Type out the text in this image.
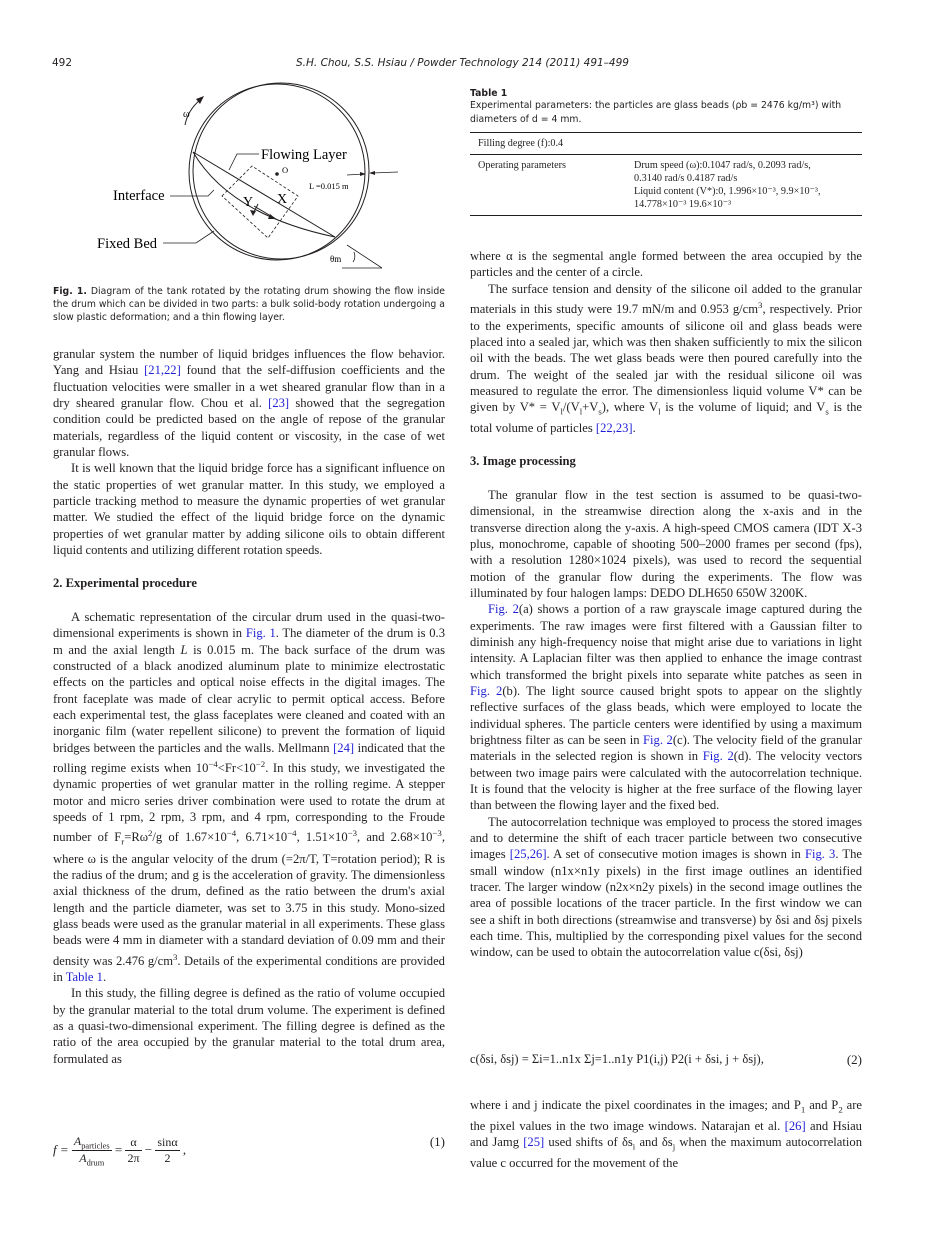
492	S.H. Chou, S.S. Hsiau / Powder Technology 214 (2011) 491–499
ω
Flowing Layer
O
L =0.015 m
Interface	Y X
Fixed Bed
θm
Fig. 1. Diagram of the tank rotated by the rotating drum showing the flow inside the drum which can be divided in two parts: a bulk solid-body rotation undergoing a slow plastic deformation; and a thin flowing layer.

granular system the number of liquid bridges influences the flow behavior. Yang and Hsiau [21,22] found that the self-diffusion coefficients and the fluctuation velocities were smaller in a wet sheared granular flow than in a dry sheared granular flow. Chou et al. [23] showed that the segregation condition could be predicted based on the angle of repose of the granular materials, regardless of the liquid content or viscosity, in the case of wet granular flows.

It is well known that the liquid bridge force has a significant influence on the static properties of wet granular matter. In this study, we employed a particle tracking method to measure the dynamic properties of wet granular matter. We studied the effect of the liquid bridge force on the dynamic properties of wet granular matter by adding silicone oils to obtain different liquid contents and utilizing different rotation speeds.

2. Experimental procedure

A schematic representation of the circular drum used in the quasi-two-dimensional experiments is shown in Fig. 1. The diameter of the drum is 0.3 m and the axial length L is 0.015 m. The back surface of the drum was constructed of a black anodized aluminum plate to minimize electrostatic effects on the particles and optical noise effects in the digital images. The front faceplate was made of clear acrylic to permit optical access. Before each experimental test, the glass faceplates were cleaned and coated with an inorganic film (water repellent silicone) to prevent the formation of liquid bridges between the particles and the walls. Mellmann [24] indicated that the rolling regime exists when $10^{-4}<Fr<10^{-2}$. In this study, we investigated the dynamic properties of wet granular matter in the rolling regime. A stepper motor and micro series driver combination were used to rotate the drum at speeds of 1 rpm, 2 rpm, 3 rpm, and 4 rpm, corresponding to the Froude number of $F_r=R\omega^2/g$ of $1.67\times 10^{-4}$, $6.71\times 10^{-4}$, $1.51\times 10^{-3}$, and $2.68\times 10^{-3}$, where ω is the angular velocity of the drum (=2π/T, T=rotation period); R is the radius of the drum; and g is the acceleration of gravity. The dimensionless axial thickness of the drum, defined as the ratio between the drum's axial length and the particle diameter, was set to 3.75 in this study. Mono-sized glass beads were used as the granular material in all experiments. These glass beads were 4 mm in diameter with a standard deviation of 0.09 mm and their density was 2.476 $g/cm^3$. Details of the experimental conditions are provided in Table 1.

In this study, the filling degree is defined as the ratio of volume occupied by the granular material to the total drum volume. The experiment is defined as a quasi-two-dimensional experiment. The filling degree is defined as the ratio of the area occupied by the granular material to the total drum area, formulated as

$f = \frac{A_{particles}}{A_{drum}} = \frac{\alpha}{2\pi} - \frac{\sin\alpha}{2}$ ,
(1)
Table 1
Experimental parameters: the particles are glass beads (ρb = 2476 kg/m³) with diameters of d = 4 mm.
Filling degree (f):0.4
Operating parameters	Drum speed (ω):0.1047 rad/s, 0.2093 rad/s,
0.3140 rad/s 0.4187 rad/s
Liquid content (V*):0, 1.996×10⁻³, 9.9×10⁻³,
14.778×10⁻³ 19.6×10⁻³

where α is the segmental angle formed between the area occupied by the particles and the center of a circle.

The surface tension and density of the silicone oil added to the granular materials in this study were 19.7 mN/m and 0.953 $g/cm^3$, respectively. Prior to the experiments, specific amounts of silicone oil and glass beads were placed into a sealed jar, which was then shaken sufficiently to mix the silicon oil with the beads. The wet glass beads were then poured carefully into the drum. The weight of the sealed jar with the residual silicone oil was measured to regulate the error. The dimensionless liquid volume V* can be given by $V* = V_l/(V_l+V_s)$, where $V_l$ is the volume of liquid; and $V_s$ is the total volume of particles [22,23].

3. Image processing

The granular flow in the test section is assumed to be quasi-two-dimensional, in the streamwise direction along the x-axis and in the transverse direction along the y-axis. A high-speed CMOS camera (IDT X-3 plus, monochrome, capable of shooting 500–2000 frames per second (fps), with a resolution 1280×1024 pixels), was used to record the sequential motion of the granular flow during the experiments. The flow was illuminated by four halogen lamps: DEDO DLH650 650W 3200K.

Fig. 2(a) shows a portion of a raw grayscale image captured during the experiments. The raw images were first filtered with a Gaussian filter to diminish any high-frequency noise that might arise due to variations in light intensity. A Laplacian filter was then applied to enhance the image contrast which transformed the bright pixels into separate white patches as seen in Fig. 2(b). The light source caused bright spots to appear on the slightly reflective surfaces of the glass beads, which were employed to locate the individual spheres. The particle centers were identified by using a maximum brightness filter as can be seen in Fig. 2(c). The velocity field of the granular materials in the selected region is shown in Fig. 2(d). The velocity vectors between two image pairs were calculated with the autocorrelation technique. It is found that the velocity is higher at the free surface of the flowing layer than between the flowing layer and the fixed bed.

The autocorrelation technique was employed to process the stored images and to determine the shift of each tracer particle between two consecutive images [25,26]. A set of consecutive motion images is shown in Fig. 3. The small window (n1x×n1y pixels) in the first image outlines an identified tracer. The larger window (n2x×n2y pixels) in the second image outlines the area of possible locations of the tracer particle. In the first window we can see a shift in both directions (streamwise and transverse) by δsi and δsj pixels each time. This, multiplied by the corresponding pixel values for the second window, can be used to obtain the autocorrelation value c(δsi, δsj)

c(δsi, δsj) = Σi=1..n1x Σj=1..n1y P1(i,j) P2(i + δsi, j + δsj),	(2)

where i and j indicate the pixel coordinates in the images; and $P_1$ and $P_2$ are the pixel values in the two image windows. Natarajan et al. [26] and Hsiau and Jamg [25] used shifts of $\delta s_i$ and $\delta s_j$ when the maximum autocorrelation value c occurred for the movement of the
